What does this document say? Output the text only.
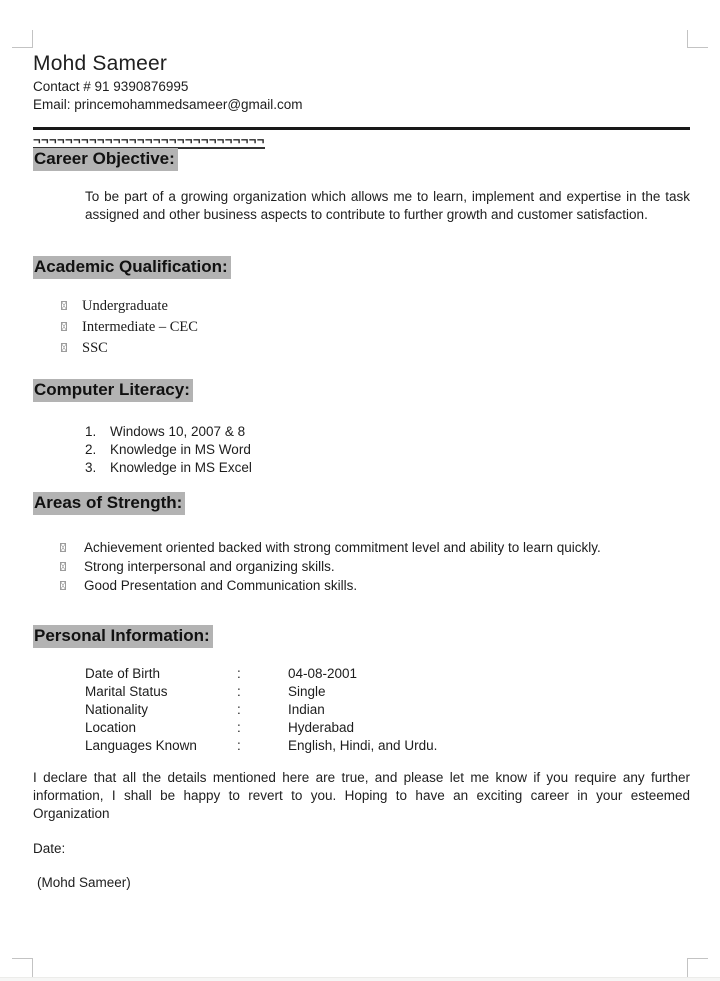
Mohd Sameer
Contact # 91 9390876995
Email: princemohammedsameer@gmail.com
¬¬¬¬¬¬¬¬¬¬¬¬¬¬¬¬¬¬¬¬¬¬¬¬¬¬¬¬¬
Career Objective:
To be part of a growing organization which allows me to learn, implement and expertise in the task assigned and other business aspects to contribute to further growth and customer satisfaction.
Academic Qualification:
Undergraduate
Intermediate – CEC
SSC
Computer Literacy:
1. Windows 10, 2007 & 8
2. Knowledge in MS Word
3. Knowledge in MS Excel
Areas of Strength:
Achievement oriented backed with strong commitment level and ability to learn quickly.
Strong interpersonal and organizing skills.
Good Presentation and Communication skills.
Personal Information:
Date of Birth	:	04-08-2001
Marital Status	:	Single
Nationality	:	Indian
Location	:	Hyderabad
Languages Known	:	English, Hindi, and Urdu.
I declare that all the details mentioned here are true, and please let me know if you require any further information, I shall be happy to revert to you. Hoping to have an exciting career in your esteemed Organization
Date:
(Mohd Sameer)
